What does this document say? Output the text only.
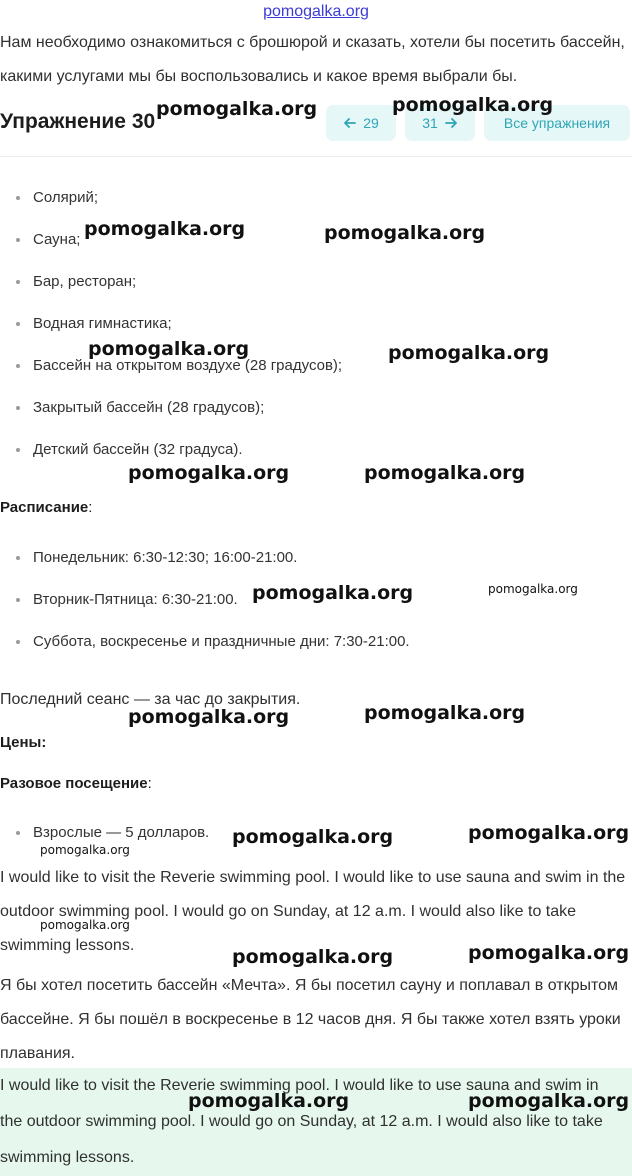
pomogalka.org

Нам необходимо ознакомиться с брошюрой и сказать, хотели бы посетить бассейн, какими услугами мы бы воспользовались и какое время выбрали бы.

Упражнение 30	29	31	Все упражнения
Солярий;
Сауна;
Бар, ресторан;
Водная гимнастика;
Бассейн на открытом воздухе (28 градусов);
Закрытый бассейн (28 градусов);
Детский бассейн (32 градуса).
Расписание:
Понедельник: 6:30-12:30; 16:00-21:00.
Вторник-Пятница: 6:30-21:00.
Суббота, воскресенье и праздничные дни: 7:30-21:00.
Последний сеанс — за час до закрытия.
Цены:
Разовое посещение:
Взрослые — 5 долларов.

I would like to visit the Reverie swimming pool. I would like to use sauna and swim in the outdoor swimming pool. I would go on Sunday, at 12 a.m. I would also like to take swimming lessons.

Я бы хотел посетить бассейн «Мечта». Я бы посетил сауну и поплавал в открытом бассейне. Я бы пошёл в воскресенье в 12 часов дня. Я бы также хотел взять уроки плавания.

I would like to visit the Reverie swimming pool. I would like to use sauna and swim in the outdoor swimming pool. I would go on Sunday, at 12 a.m. I would also like to take swimming lessons.
pomogalka.org	pomogalka.org
pomogalka.org	pomogalka.org
pomogalka.org	pomogalka.org
pomogalka.org	pomogalka.org
pomogalka.org	pomogalka.org
pomogalka.org	pomogalka.org
pomogalka.org	pomogalka.org
pomogalka.org
pomogalka.org
pomogalka.org	pomogalka.org
pomogalka.org	pomogalka.org
